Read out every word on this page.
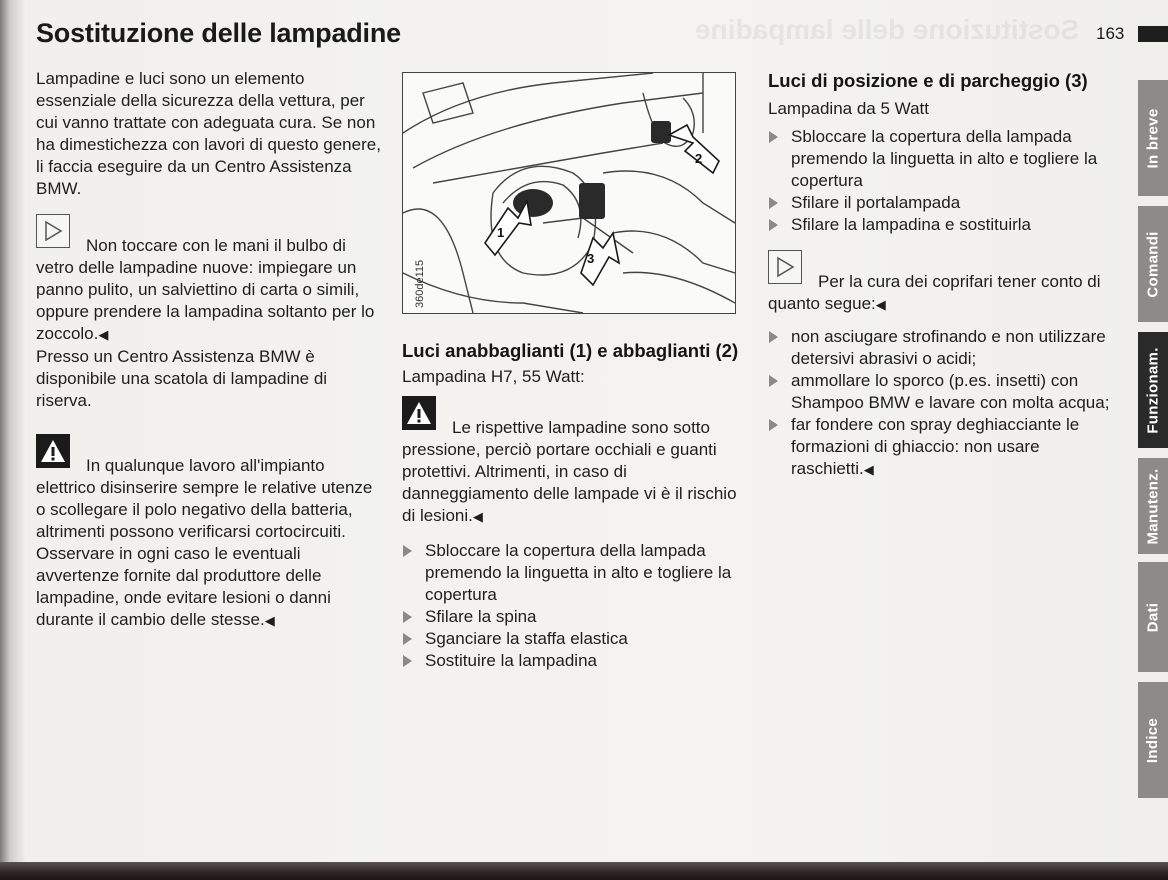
Sostituzione delle lampadine
Sostituzione delle lampadine	163

Lampadine e luci sono un elemento essenziale della sicurezza della vettura, per cui vanno trattate con adeguata cura. Se non ha dimestichezza con lavori di questo genere, li faccia eseguire da un Centro Assistenza BMW.

Non toccare con le mani il bulbo di vetro delle lampadine nuove: impiegare un panno pulito, un salviettino di carta o simili, oppure prendere la lampadina soltanto per lo zoccolo.◀

Presso un Centro Assistenza BMW è disponibile una scatola di lampadine di riserva.

In qualunque lavoro all'impianto elettrico disinserire sempre le relative utenze o scollegare il polo negativo della batteria, altrimenti possono verificarsi cortocircuiti.

Osservare in ogni caso le eventuali avvertenze fornite dal produttore delle lampadine, onde evitare lesioni o danni durante il cambio delle stesse.◀

1
3
2
360de115
Luci anabbaglianti (1) e abbaglianti (2)

Lampadina H7, 55 Watt:

Le rispettive lampadine sono sotto pressione, perciò portare occhiali e guanti protettivi. Altrimenti, in caso di danneggiamento delle lampade vi è il rischio di lesioni.◀

Sbloccare la copertura della lampada premendo la linguetta in alto e togliere la copertura
Sfilare la spina
Sganciare la staffa elastica
Sostituire la lampadina
Luci di posizione e di parcheggio (3)

Lampadina da 5 Watt

Sbloccare la copertura della lampada premendo la linguetta in alto e togliere la copertura
Sfilare il portalampada
Sfilare la lampadina e sostituirla

Per la cura dei coprifari tener conto di quanto segue:◀

non asciugare strofinando e non utilizzare detersivi abrasivi o acidi;
ammollare lo sporco (p.es. insetti) con Shampoo BMW e lavare con molta acqua;
far fondere con spray deghiacciante le formazioni di ghiaccio: non usare raschietti.◀
In breve
Comandi
Funzionam.
Manutenz.
Dati
Indice
